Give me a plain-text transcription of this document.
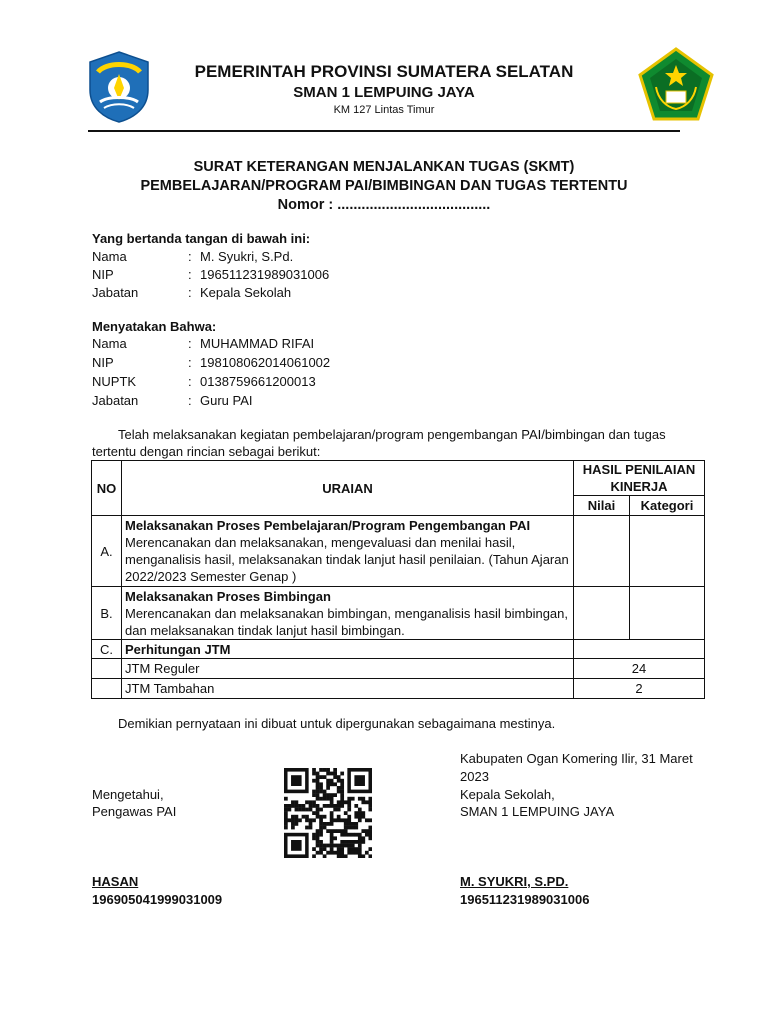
PEMERINTAH PROVINSI SUMATERA SELATAN
SMAN 1 LEMPUING JAYA
KM 127 Lintas Timur
SURAT KETERANGAN MENJALANKAN TUGAS (SKMT)
PEMBELAJARAN/PROGRAM PAI/BIMBINGAN DAN TUGAS TERTENTU
Nomor : ......................................
Yang bertanda tangan di bawah ini:
Nama	: M. Syukri, S.Pd.
NIP	: 196511231989031006
Jabatan	: Kepala Sekolah
Menyatakan Bahwa:
Nama	: MUHAMMAD RIFAI
NIP	: 198108062014061002
NUPTK	: 0138759661200013
Jabatan	: Guru PAI
Telah melaksanakan kegiatan pembelajaran/program pengembangan PAI/bimbingan dan tugas tertentu dengan rincian sebagai berikut:
NO	URAIAN	HASIL PENILAIAN KINERJA	
		Nilai	Kategori
A.	Melaksanakan Proses Pembelajaran/Program Pengembangan PAI
Merencanakan dan melaksanakan, mengevaluasi dan menilai hasil, menganalisis hasil, melaksanakan tindak lanjut hasil penilaian. (Tahun Ajaran 2022/2023 Semester Genap )		

B.	Melaksanakan Proses Bimbingan
Merencanakan dan melaksanakan bimbingan, menganalisis hasil bimbingan, dan melaksanakan tindak lanjut hasil bimbingan.		

C.	Perhitungan JTM		
	JTM Reguler	24	
	JTM Tambahan	2	
Demikian pernyataan ini dibuat untuk dipergunakan sebagaimana mestinya.
Kabupaten Ogan Komering Ilir, 31 Maret 2023
Kepala Sekolah,
SMAN 1 LEMPUING JAYA
M. SYUKRI, S.PD.
196511231989031006
Mengetahui,
Pengawas PAI
HASAN
196905041999031009
